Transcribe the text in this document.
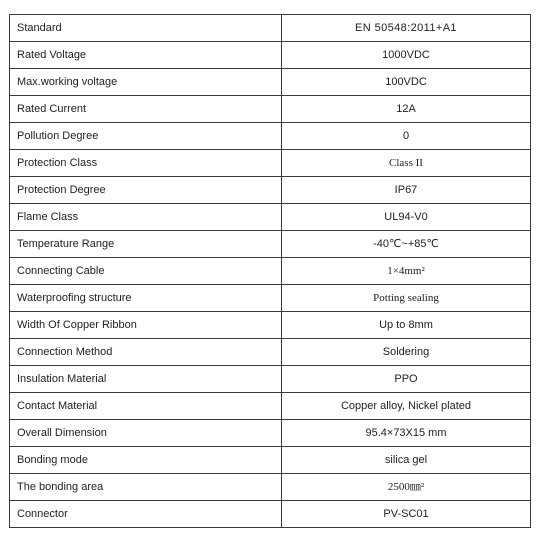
Standard	EN 50548:2011+A1
Rated Voltage	1000VDC
Max.working voltage	100VDC
Rated Current	12A
Pollution Degree	0
Protection Class	Class II
Protection Degree	IP67
Flame Class	UL94-V0
Temperature Range	-40℃~+85℃
Connecting Cable	1×4mm²
Waterproofing structure	Potting sealing
Width Of Copper Ribbon	Up to 8mm
Connection Method	Soldering
Insulation Material	PPO
Contact Material	Copper alloy, Nickel plated
Overall Dimension	95.4×73X15 mm
Bonding mode	silica gel
The bonding area	2500㎜²
Connector	PV-SC01
